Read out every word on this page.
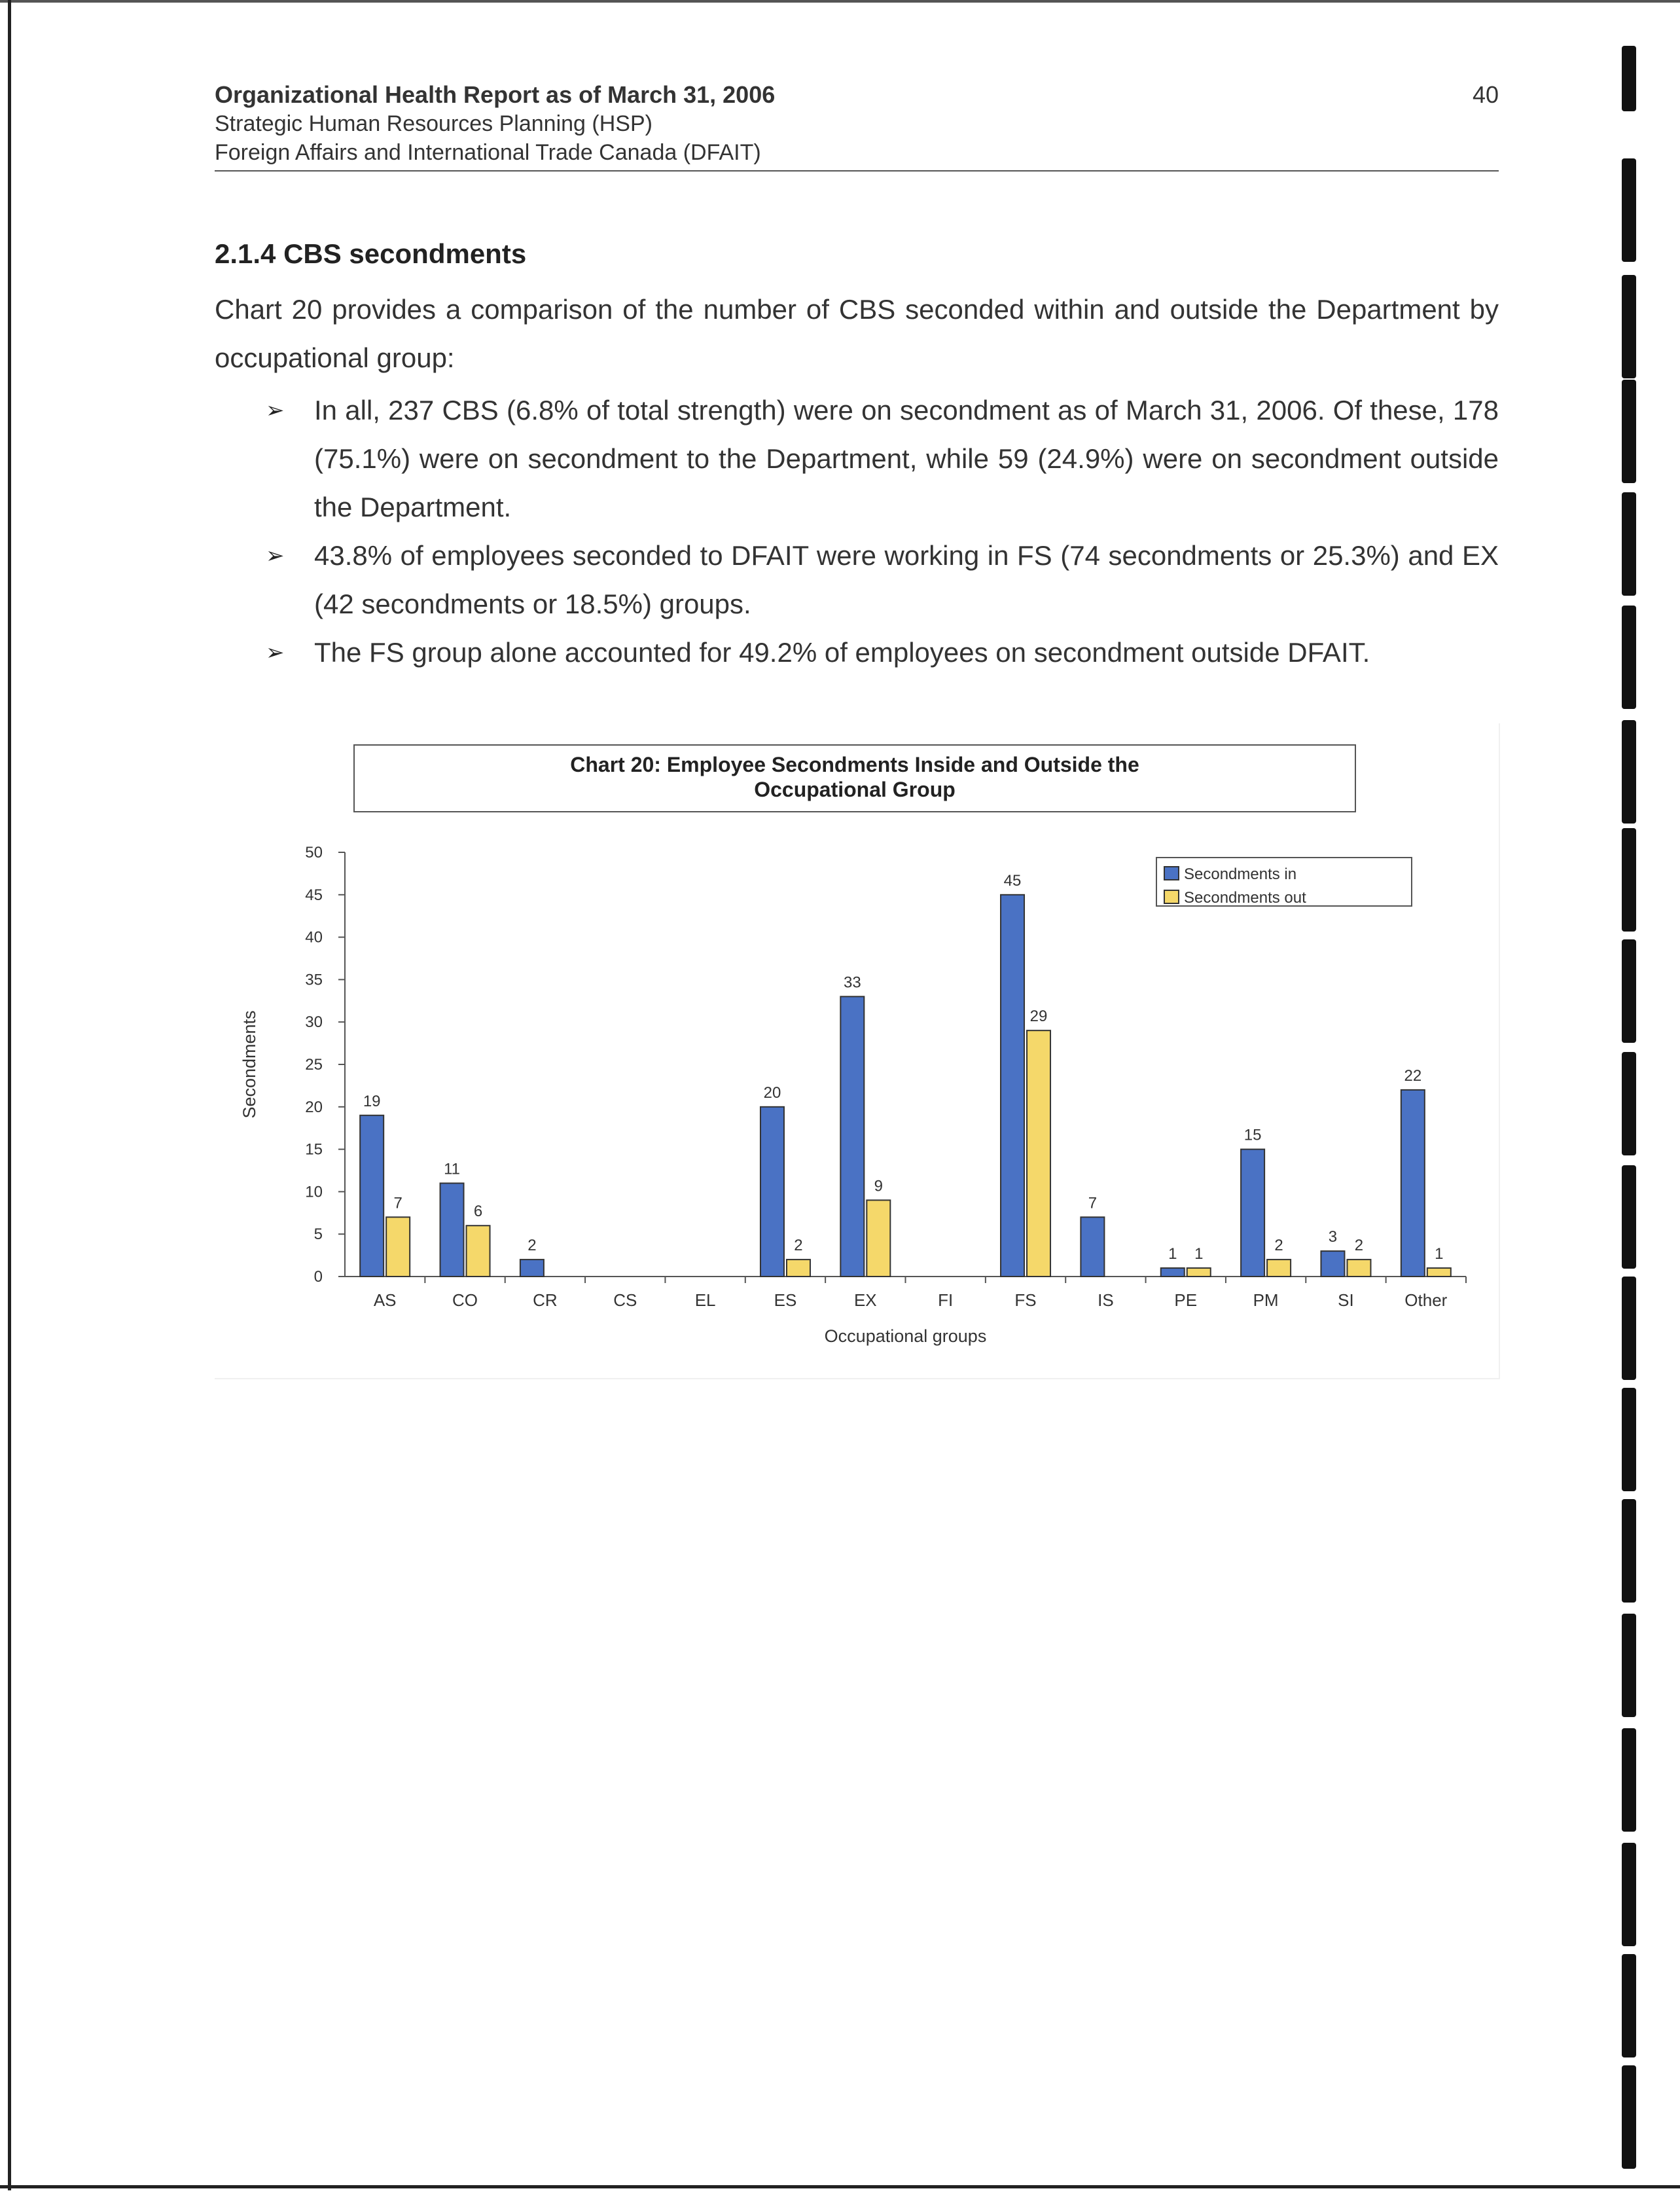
Organizational Health Report as of March 31, 2006
Strategic Human Resources Planning (HSP)
Foreign Affairs and International Trade Canada (DFAIT)
40
2.1.4 CBS secondments
Chart 20 provides a comparison of the number of CBS seconded within and outside the Department by occupational group:
➢ In all, 237 CBS (6.8% of total strength) were on secondment as of March 31, 2006. Of these, 178 (75.1%) were on secondment to the Department, while 59 (24.9%) were on secondment outside the Department.
➢ 43.8% of employees seconded to DFAIT were working in FS (74 secondments or 25.3%) and EX (42 secondments or 18.5%) groups.
➢ The FS group alone accounted for 49.2% of employees on secondment outside DFAIT.
Chart 20: Employee Secondments Inside and Outside the
Occupational Group
0
5
10
15
20
25
30
35
40
45
50
AS
19
7
CO
11
6
CR
2
CS	EL	ES
20
2
EX
33
9
FI	FS
45
29
IS
7
PE
1 1
PM
15
2
SI
3 2
Other
22
1
Occupational groups
Secondments
Secondments in
Secondments out
